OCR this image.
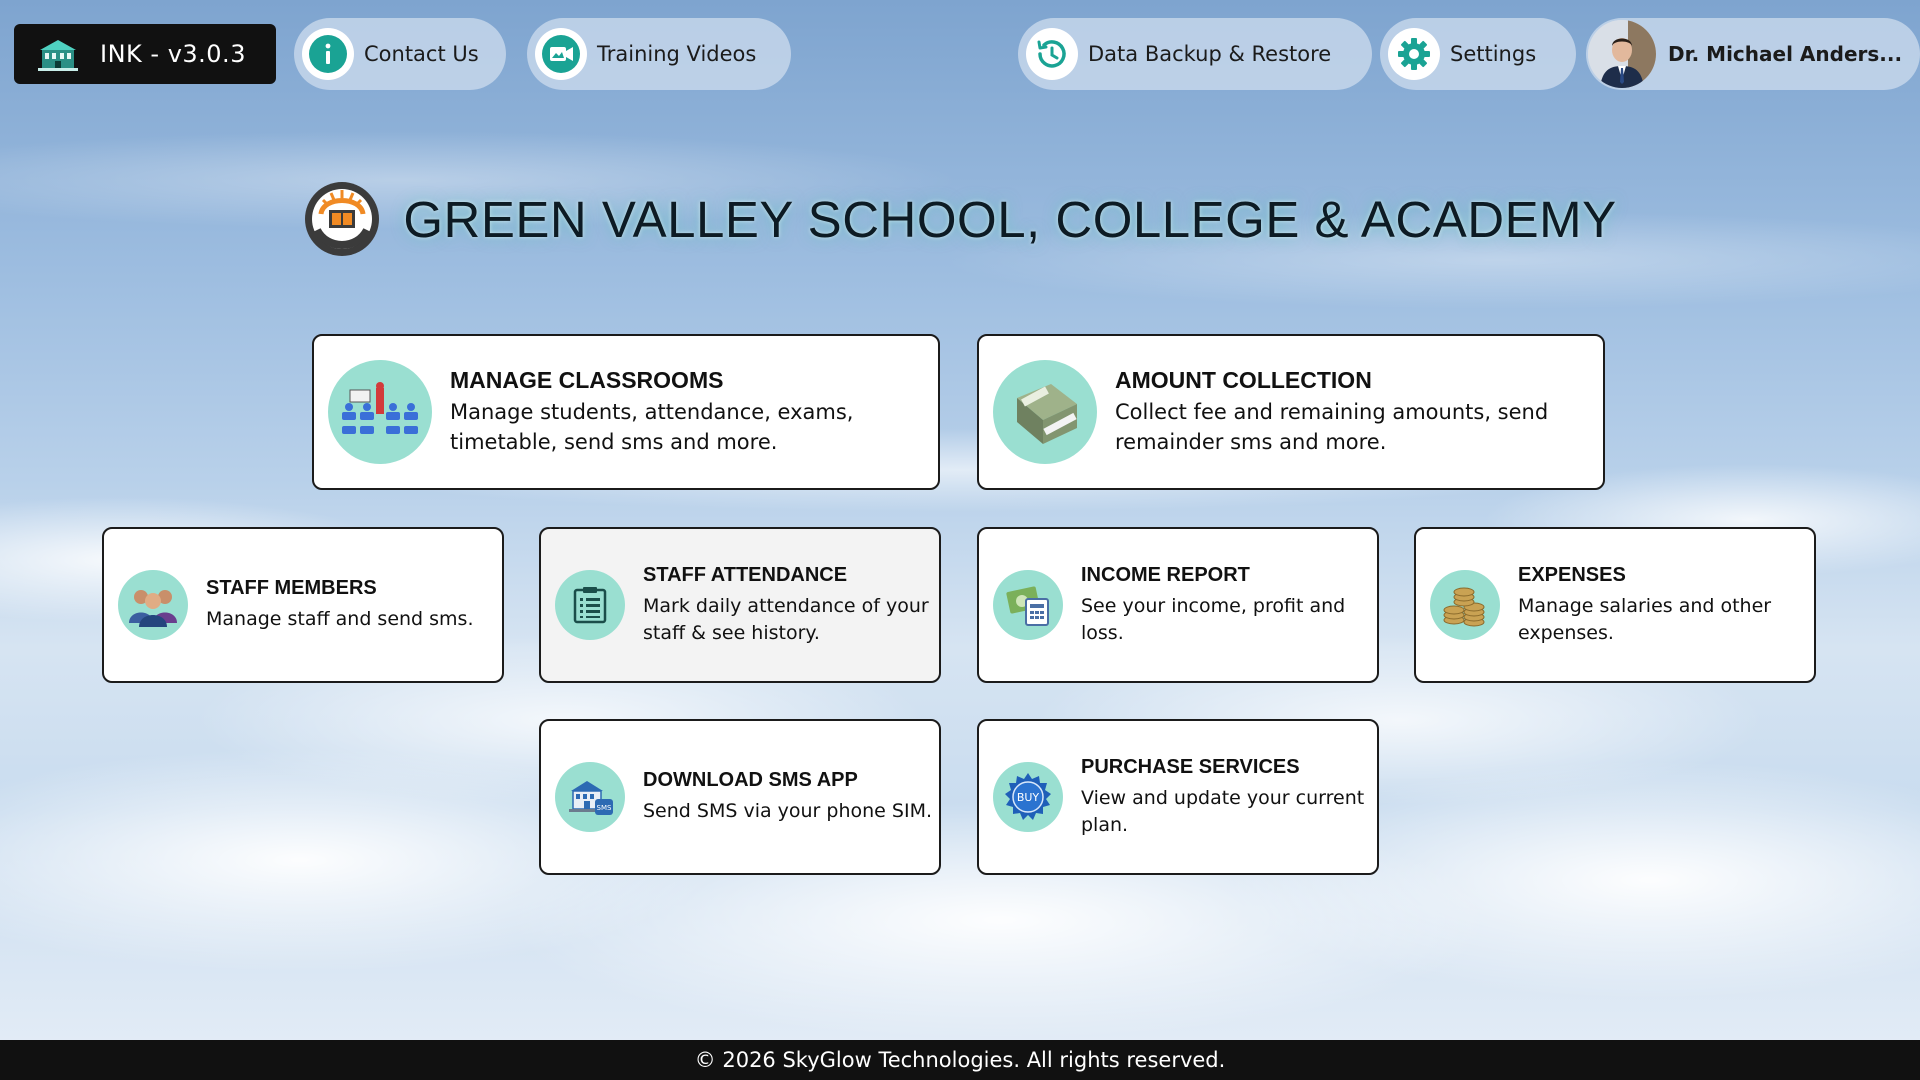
INK - v3.0.3	Contact Us	Training Videos	Data Backup & Restore	Settings	Dr. Michael Anders...
GREEN VALLEY SCHOOL, COLLEGE & ACADEMY
MANAGE CLASSROOMS
Manage students, attendance, exams, timetable, send sms and more.
AMOUNT COLLECTION
Collect fee and remaining amounts, send remainder sms and more.
STAFF MEMBERS
Manage staff and send sms.
STAFF ATTENDANCE
Mark daily attendance of your staff & see history.
INCOME REPORT
See your income, profit and loss.
EXPENSES
Manage salaries and other expenses.
SMS
DOWNLOAD SMS APP
Send SMS via your phone SIM.
BUY
PURCHASE SERVICES
View and update your current plan.
© 2026 SkyGlow Technologies. All rights reserved.
